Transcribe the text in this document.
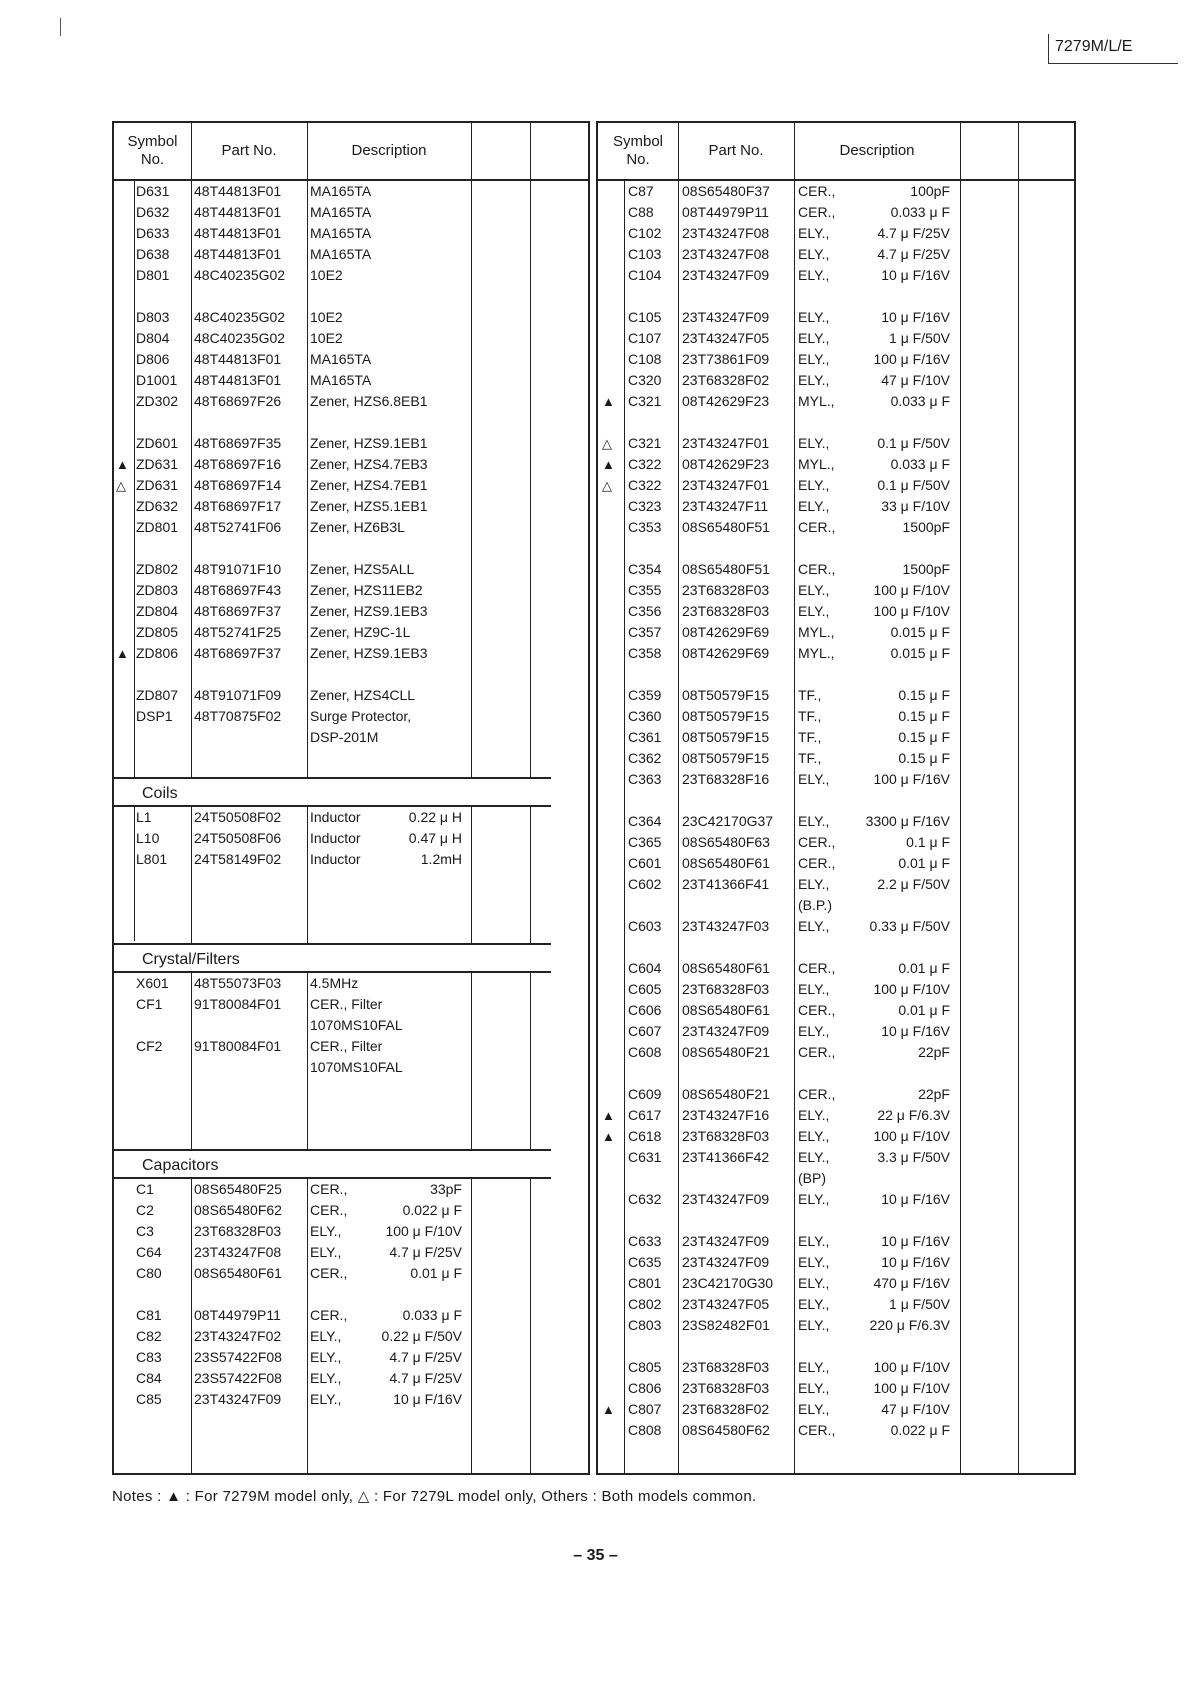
7279M/L/E
Symbol
No.
Part No.	Description
D631 48T44813F01 MA165TA
D632 48T44813F01 MA165TA
D633 48T44813F01 MA165TA
D638 48T44813F01 MA165TA
D801 48C40235G02 10E2
D803 48C40235G02 10E2
D804 48C40235G02 10E2
D806 48T44813F01 MA165TA
D1001 48T44813F01 MA165TA
ZD302 48T68697F26 Zener, HZS6.8EB1
ZD601 48T68697F35 Zener, HZS9.1EB1
▲ ZD631 48T68697F16 Zener, HZS4.7EB3
△ ZD631 48T68697F14 Zener, HZS4.7EB1
ZD632 48T68697F17 Zener, HZS5.1EB1
ZD801 48T52741F06 Zener, HZ6B3L
ZD802 48T91071F10 Zener, HZS5ALL
ZD803 48T68697F43 Zener, HZS11EB2
ZD804 48T68697F37 Zener, HZS9.1EB3
ZD805 48T52741F25 Zener, HZ9C-1L
▲ ZD806 48T68697F37 Zener, HZS9.1EB3
ZD807 48T91071F09 Zener, HZS4CLL
DSP1 48T70875F02 Surge Protector,
DSP-201M
Coils
L1	24T50508F02 Inductor	0.22 μ H
L10 24T50508F06 Inductor	0.47 μ H
L801 24T58149F02 Inductor	1.2mH
Crystal/Filters
X601 48T55073F03 4.5MHz
CF1 91T80084F01 CER., Filter
1070MS10FAL
CF2 91T80084F01 CER., Filter
1070MS10FAL
Capacitors
C1	08S65480F25 CER.,	33pF
C2	08S65480F62 CER.,	0.022 μ F
C3	23T68328F03 ELY.,	100 μ F/10V
C64 23T43247F08 ELY.,	4.7 μ F/25V
C80 08S65480F61 CER.,	0.01 μ F
C81 08T44979P11 CER.,	0.033 μ F
C82 23T43247F02 ELY.,	0.22 μ F/50V
C83 23S57422F08 ELY.,	4.7 μ F/25V
C84 23S57422F08 ELY.,	4.7 μ F/25V
C85 23T43247F09 ELY.,	10 μ F/16V
Symbol
No.
Part No.	Description
C87 08S65480F37 CER.,	100pF
C88 08T44979P11 CER.,	0.033 μ F
C102 23T43247F08 ELY.,	4.7 μ F/25V
C103 23T43247F08 ELY.,	4.7 μ F/25V
C104 23T43247F09 ELY.,	10 μ F/16V
C105 23T43247F09 ELY.,	10 μ F/16V
C107 23T43247F05 ELY.,	1 μ F/50V
C108 23T73861F09 ELY.,	100 μ F/16V
C320 23T68328F02 ELY.,	47 μ F/10V
▲ C321 08T42629F23 MYL.,	0.033 μ F
△ C321 23T43247F01 ELY.,	0.1 μ F/50V
▲ C322 08T42629F23 MYL.,	0.033 μ F
△ C322 23T43247F01 ELY.,	0.1 μ F/50V
C323 23T43247F11 ELY.,	33 μ F/10V
C353 08S65480F51 CER.,	1500pF
C354 08S65480F51 CER.,	1500pF
C355 23T68328F03 ELY.,	100 μ F/10V
C356 23T68328F03 ELY.,	100 μ F/10V
C357 08T42629F69 MYL.,	0.015 μ F
C358 08T42629F69 MYL.,	0.015 μ F
C359 08T50579F15 TF.,	0.15 μ F
C360 08T50579F15 TF.,	0.15 μ F
C361 08T50579F15 TF.,	0.15 μ F
C362 08T50579F15 TF.,	0.15 μ F
C363 23T68328F16 ELY.,	100 μ F/16V
C364 23C42170G37 ELY.,	3300 μ F/16V
C365 08S65480F63 CER.,	0.1 μ F
C601 08S65480F61 CER.,	0.01 μ F
C602 23T41366F41 ELY.,	2.2 μ F/50V
(B.P.)
C603 23T43247F03 ELY.,	0.33 μ F/50V
C604 08S65480F61 CER.,	0.01 μ F
C605 23T68328F03 ELY.,	100 μ F/10V
C606 08S65480F61 CER.,	0.01 μ F
C607 23T43247F09 ELY.,	10 μ F/16V
C608 08S65480F21 CER.,	22pF
C609 08S65480F21 CER.,	22pF
▲ C617 23T43247F16 ELY.,	22 μ F/6.3V
▲ C618 23T68328F03 ELY.,	100 μ F/10V
C631 23T41366F42 ELY.,	3.3 μ F/50V
(BP)
C632 23T43247F09 ELY.,	10 μ F/16V
C633 23T43247F09 ELY.,	10 μ F/16V
C635 23T43247F09 ELY.,	10 μ F/16V
C801 23C42170G30 ELY.,	470 μ F/16V
C802 23T43247F05 ELY.,	1 μ F/50V
C803 23S82482F01 ELY.,	220 μ F/6.3V
C805 23T68328F03 ELY.,	100 μ F/10V
C806 23T68328F03 ELY.,	100 μ F/10V
▲ C807 23T68328F02 ELY.,	47 μ F/10V
C808 08S64580F62 CER.,	0.022 μ F
Notes : ▲ : For 7279M model only, △ : For 7279L model only, Others : Both models common.
– 35 –
